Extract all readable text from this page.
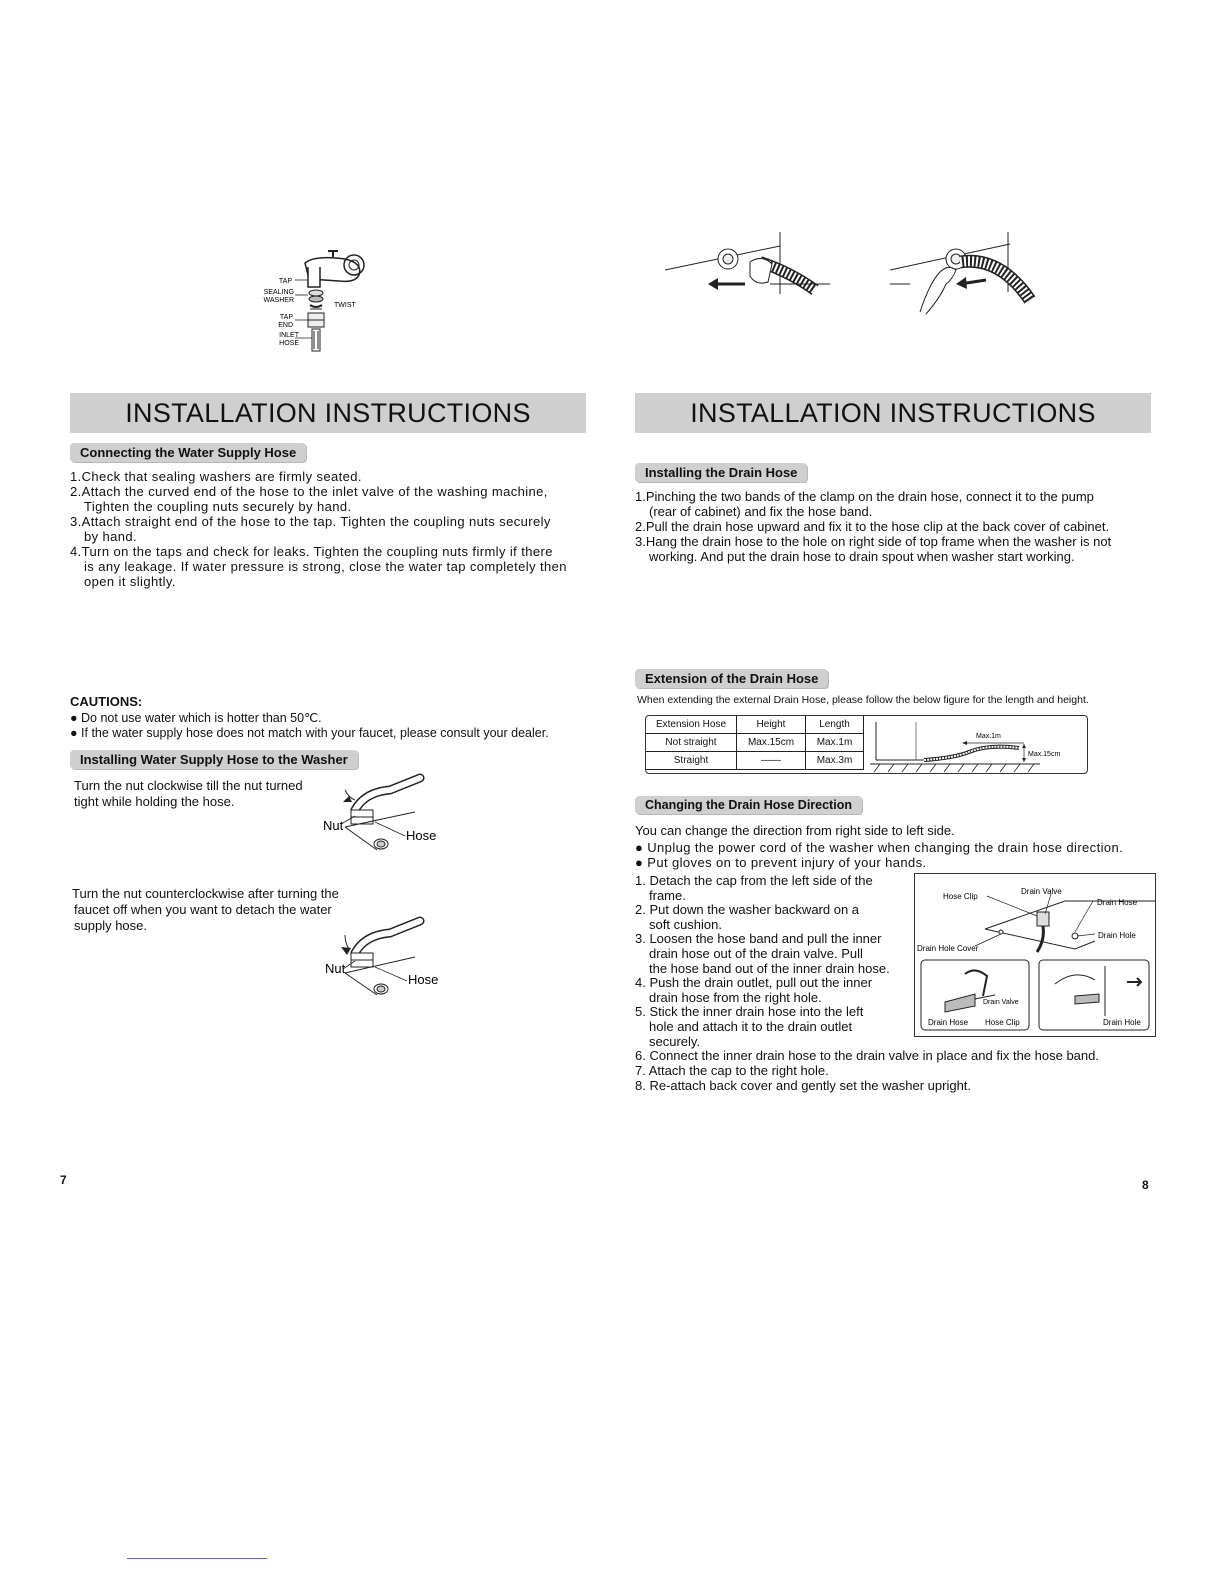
INSTALLATION INSTRUCTIONS
Connecting the Water Supply Hose
1.Check that sealing washers are firmly seated.
2.Attach the curved end of the hose to the inlet valve of the washing machine,
Tighten the coupling nuts securely by hand.
3.Attach straight end of the hose to the tap. Tighten the coupling nuts securely
by hand.
4.Turn on the taps and check for leaks. Tighten the coupling nuts firmly if there
is any leakage. If water pressure is strong, close the water tap completely then
open it slightly.
TAP
SEALING
WASHER
TWIST
TAP
END
INLET
HOSE
CAUTIONS:
● Do not use water which is hotter than 50℃.
● If the water supply hose does not match with your faucet, please consult your dealer.
Installing Water Supply Hose to the Washer
Turn the nut clockwise till the nut turned
tight while holding the hose.
Nut
Hose
Turn the nut counterclockwise after turning the
faucet off when you want to detach the water
supply hose.
Nut
Hose
7
INSTALLATION INSTRUCTIONS
Installing the Drain Hose
1.Pinching the two bands of the clamp on the drain hose, connect it to the pump
(rear of cabinet) and fix the hose band.
2.Pull the drain hose upward and fix it to the hose clip at the back cover of cabinet.
3.Hang the drain hose to the hole on right side of top frame when the washer is not
working. And put the drain hose to drain spout when washer start working.
Extension of the Drain Hose
When extending the external Drain Hose, please follow the below figure for the length and height.
Extension Hose	Height	Length
Not straight	Max.15cm	Max.1m
Straight	——	Max.3m
Max.1m
Max.15cm
Changing the Drain Hose Direction
You can change the direction from right side to left side.
● Unplug the power cord of the washer when changing the drain hose direction.
● Put gloves on to prevent injury of your hands.
1. Detach the cap from the left side of the
frame.
2. Put down the washer backward on a
soft cushion.
3. Loosen the hose band and pull the inner
drain hose out of the drain valve. Pull
the hose band out of the inner drain hose.
4. Push the drain outlet, pull out the inner
drain hose from the right hole.
5. Stick the inner drain hose into the left
hole and attach it to the drain outlet
securely.
Hose Clip
Drain Valve
Drain Hose
Drain Hole
Drain Hole Cover
Drain Valve
Drain Hose Hose Clip	Drain Hole
6. Connect the inner drain hose to the drain valve in place and fix the hose band.
7. Attach the cap to the right hole.
8. Re-attach back cover and gently set the washer upright.
8
